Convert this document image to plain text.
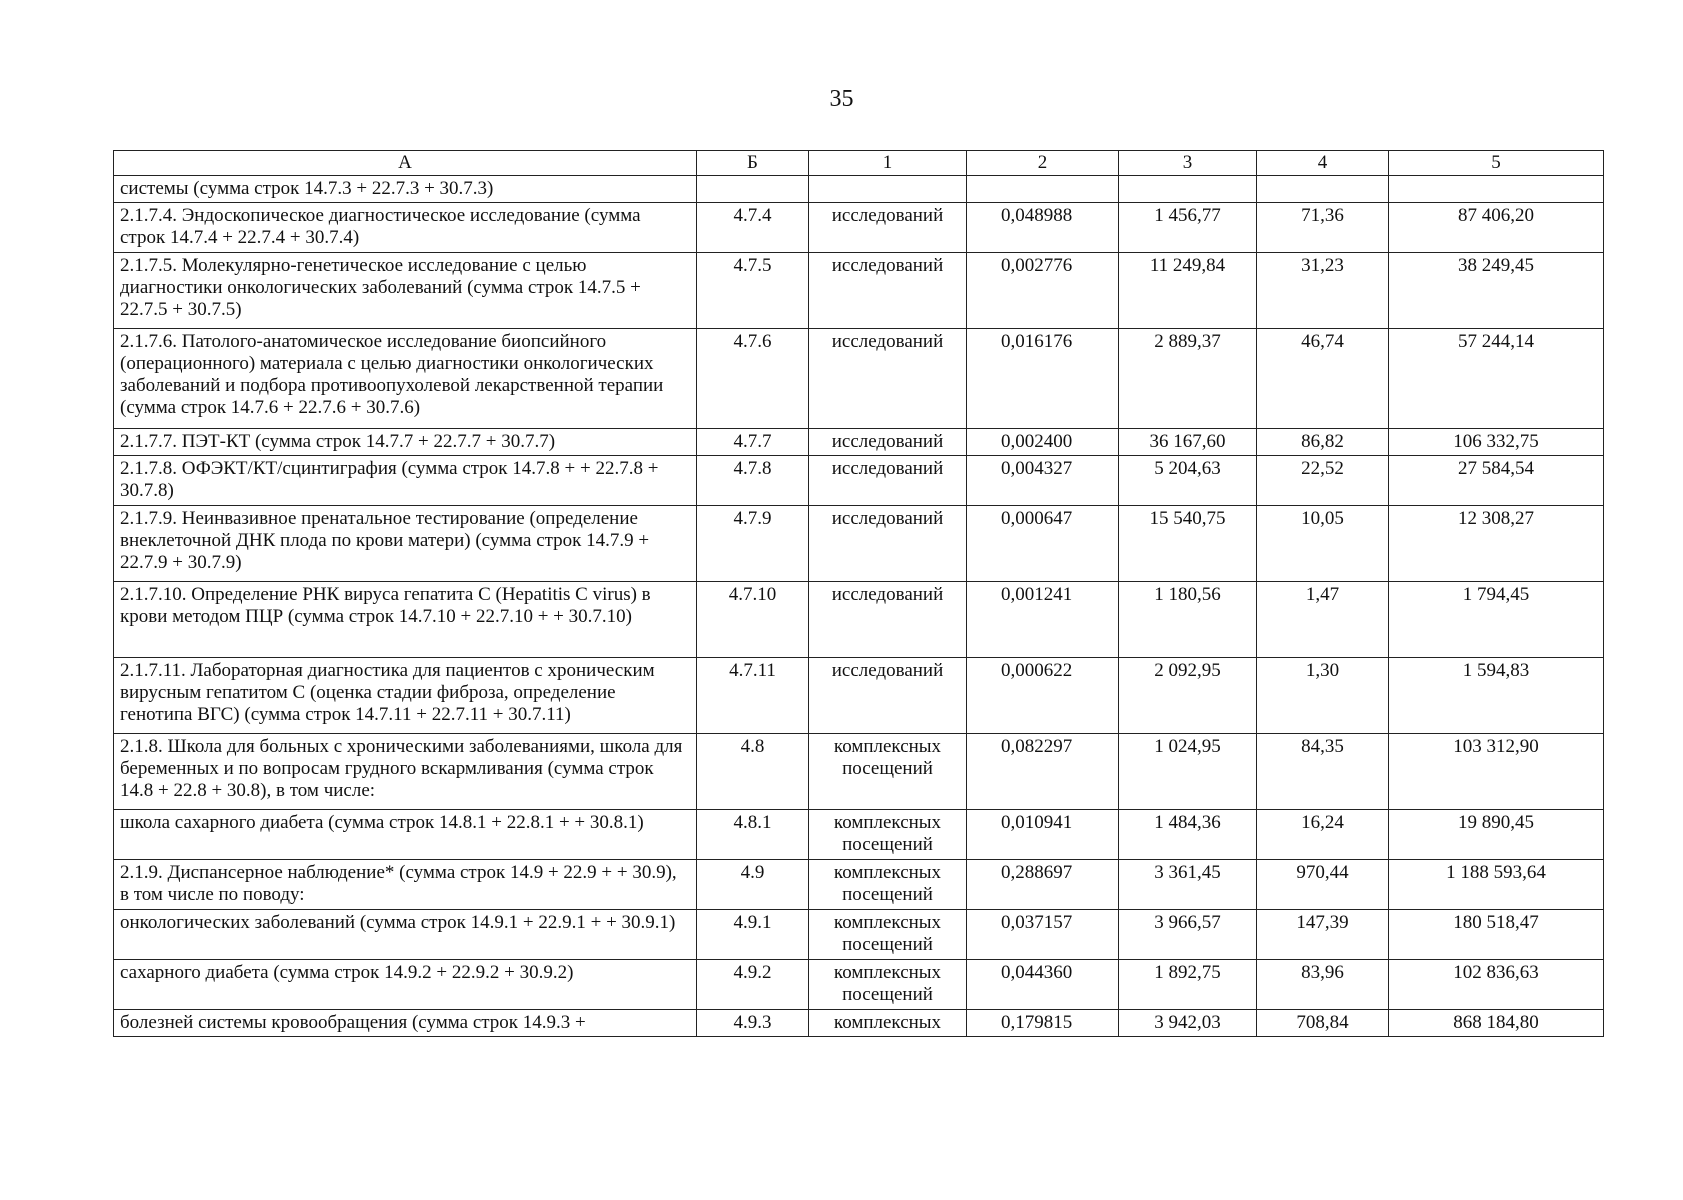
35
А	Б	1	2	3	4	5
системы (сумма строк 14.7.3 + 22.7.3 + 30.7.3)						
2.1.7.4. Эндоскопическое диагностическое исследование (сумма строк 14.7.4 + 22.7.4 + 30.7.4)	4.7.4	исследований	0,048988	1 456,77	71,36	87 406,20
2.1.7.5. Молекулярно-генетическое исследование с целью диагностики онкологических заболеваний (сумма строк 14.7.5 + 22.7.5 + 30.7.5)	4.7.5	исследований	0,002776	11 249,84	31,23	38 249,45
2.1.7.6. Патолого-анатомическое исследование биопсийного (операционного) материала с целью диагностики онкологических заболеваний и подбора противоопухолевой лекарственной терапии (сумма строк 14.7.6 + 22.7.6 + 30.7.6)	4.7.6	исследований	0,016176	2 889,37	46,74	57 244,14
2.1.7.7. ПЭТ-КТ (сумма строк 14.7.7 + 22.7.7 + 30.7.7)	4.7.7	исследований	0,002400	36 167,60	86,82	106 332,75
2.1.7.8. ОФЭКТ/КТ/сцинтиграфия (сумма строк 14.7.8 + + 22.7.8 + 30.7.8)	4.7.8	исследований	0,004327	5 204,63	22,52	27 584,54
2.1.7.9. Неинвазивное пренатальное тестирование (определение внеклеточной ДНК плода по крови матери) (сумма строк 14.7.9 + 22.7.9 + 30.7.9)	4.7.9	исследований	0,000647	15 540,75	10,05	12 308,27
2.1.7.10. Определение РНК вируса гепатита С (Hepatitis C virus) в крови методом ПЦР (сумма строк 14.7.10 + 22.7.10 + + 30.7.10)	4.7.10	исследований	0,001241	1 180,56	1,47	1 794,45
2.1.7.11. Лабораторная диагностика для пациентов с хроническим вирусным гепатитом С (оценка стадии фиброза, определение генотипа ВГС) (сумма строк 14.7.11 + 22.7.11 + 30.7.11)	4.7.11	исследований	0,000622	2 092,95	1,30	1 594,83
2.1.8. Школа для больных с хроническими заболеваниями, школа для беременных и по вопросам грудного вскармливания (сумма строк 14.8 + 22.8 + 30.8), в том числе:	4.8	комплексных посещений	0,082297	1 024,95	84,35	103 312,90
школа сахарного диабета (сумма строк 14.8.1 + 22.8.1 + + 30.8.1)	4.8.1	комплексных посещений	0,010941	1 484,36	16,24	19 890,45
2.1.9. Диспансерное наблюдение* (сумма строк 14.9 + 22.9 + + 30.9), в том числе по поводу:	4.9	комплексных посещений	0,288697	3 361,45	970,44	1 188 593,64
онкологических заболеваний (сумма строк 14.9.1 + 22.9.1 + + 30.9.1)	4.9.1	комплексных посещений	0,037157	3 966,57	147,39	180 518,47
сахарного диабета (сумма строк 14.9.2 + 22.9.2 + 30.9.2)	4.9.2	комплексных посещений	0,044360	1 892,75	83,96	102 836,63
болезней системы кровообращения (сумма строк 14.9.3 +	4.9.3	комплексных	0,179815	3 942,03	708,84	868 184,80
